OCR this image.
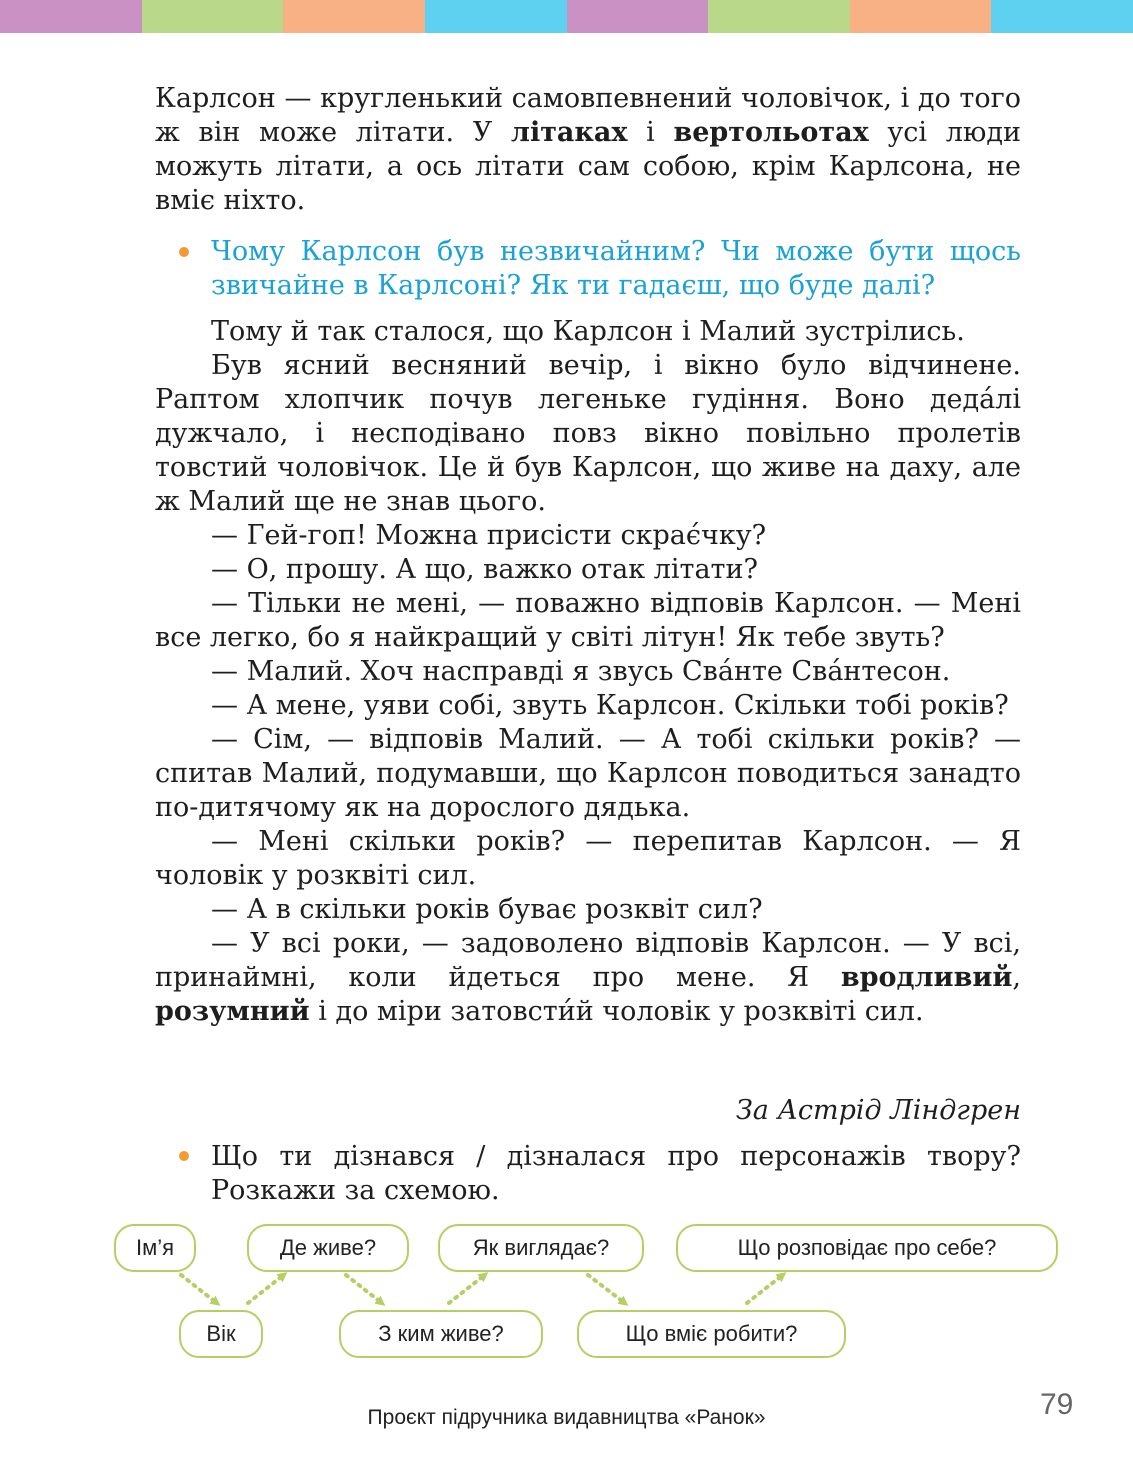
Карлсон — кругленький самовпевнений чоловічок, і до того ж він може літати. У літаках і вертольотах усі люди можуть літати, а ось літати сам собою, крім Карлсона, не вміє ніхто.
Чому Карлсон був незвичайним? Чи може бути щось звичайне в Карлсоні? Як ти гадаєш, що буде далі?

Тому й так сталося, що Карлсон і Малий зустрілись.

Був ясний весняний вечір, і вікно було відчинене. Раптом хлопчик почув легеньке гудіння. Воно деда́лі дужчало, і несподівано повз вікно повільно пролетів товстий чоловічок. Це й був Карлсон, що живе на даху, але ж Малий ще не знав цього.

— Гей-гоп! Можна присісти скрає́чку?

— О, прошу. А що, важко отак літати?

— Тільки не мені, — поважно відповів Карлсон. — Мені все легко, бо я найкращий у світі літун! Як тебе звуть?

— Малий. Хоч насправді я звусь Сва́нте Сва́нтесон.

— А мене, уяви собі, звуть Карлсон. Скільки тобі років?

— Сім, — відповів Малий. — А тобі скільки років? — спитав Малий, подумавши, що Карлсон поводиться занадто по-дитячому як на дорослого дядька.

— Мені скільки років? — перепитав Карлсон. — Я чоловік у розквіті сил.

— А в скільки років буває розквіт сил?

— У всі роки, — задоволено відповів Карлсон. — У всі, принаймні, коли йдеться про мене. Я вродливий, розумний і до міри затовсти́й чоловік у розквіті сил.

За Астрід Ліндгрен
Що ти дізнався / дізналася про персонажів твору? Розкажи за схемою.
Ім’я	Де живе?	Як виглядає?	Що розповідає про себе?
Вік	З ким живе?	Що вміє робити?
Проєкт підручника видавництва «Ранок»	79
